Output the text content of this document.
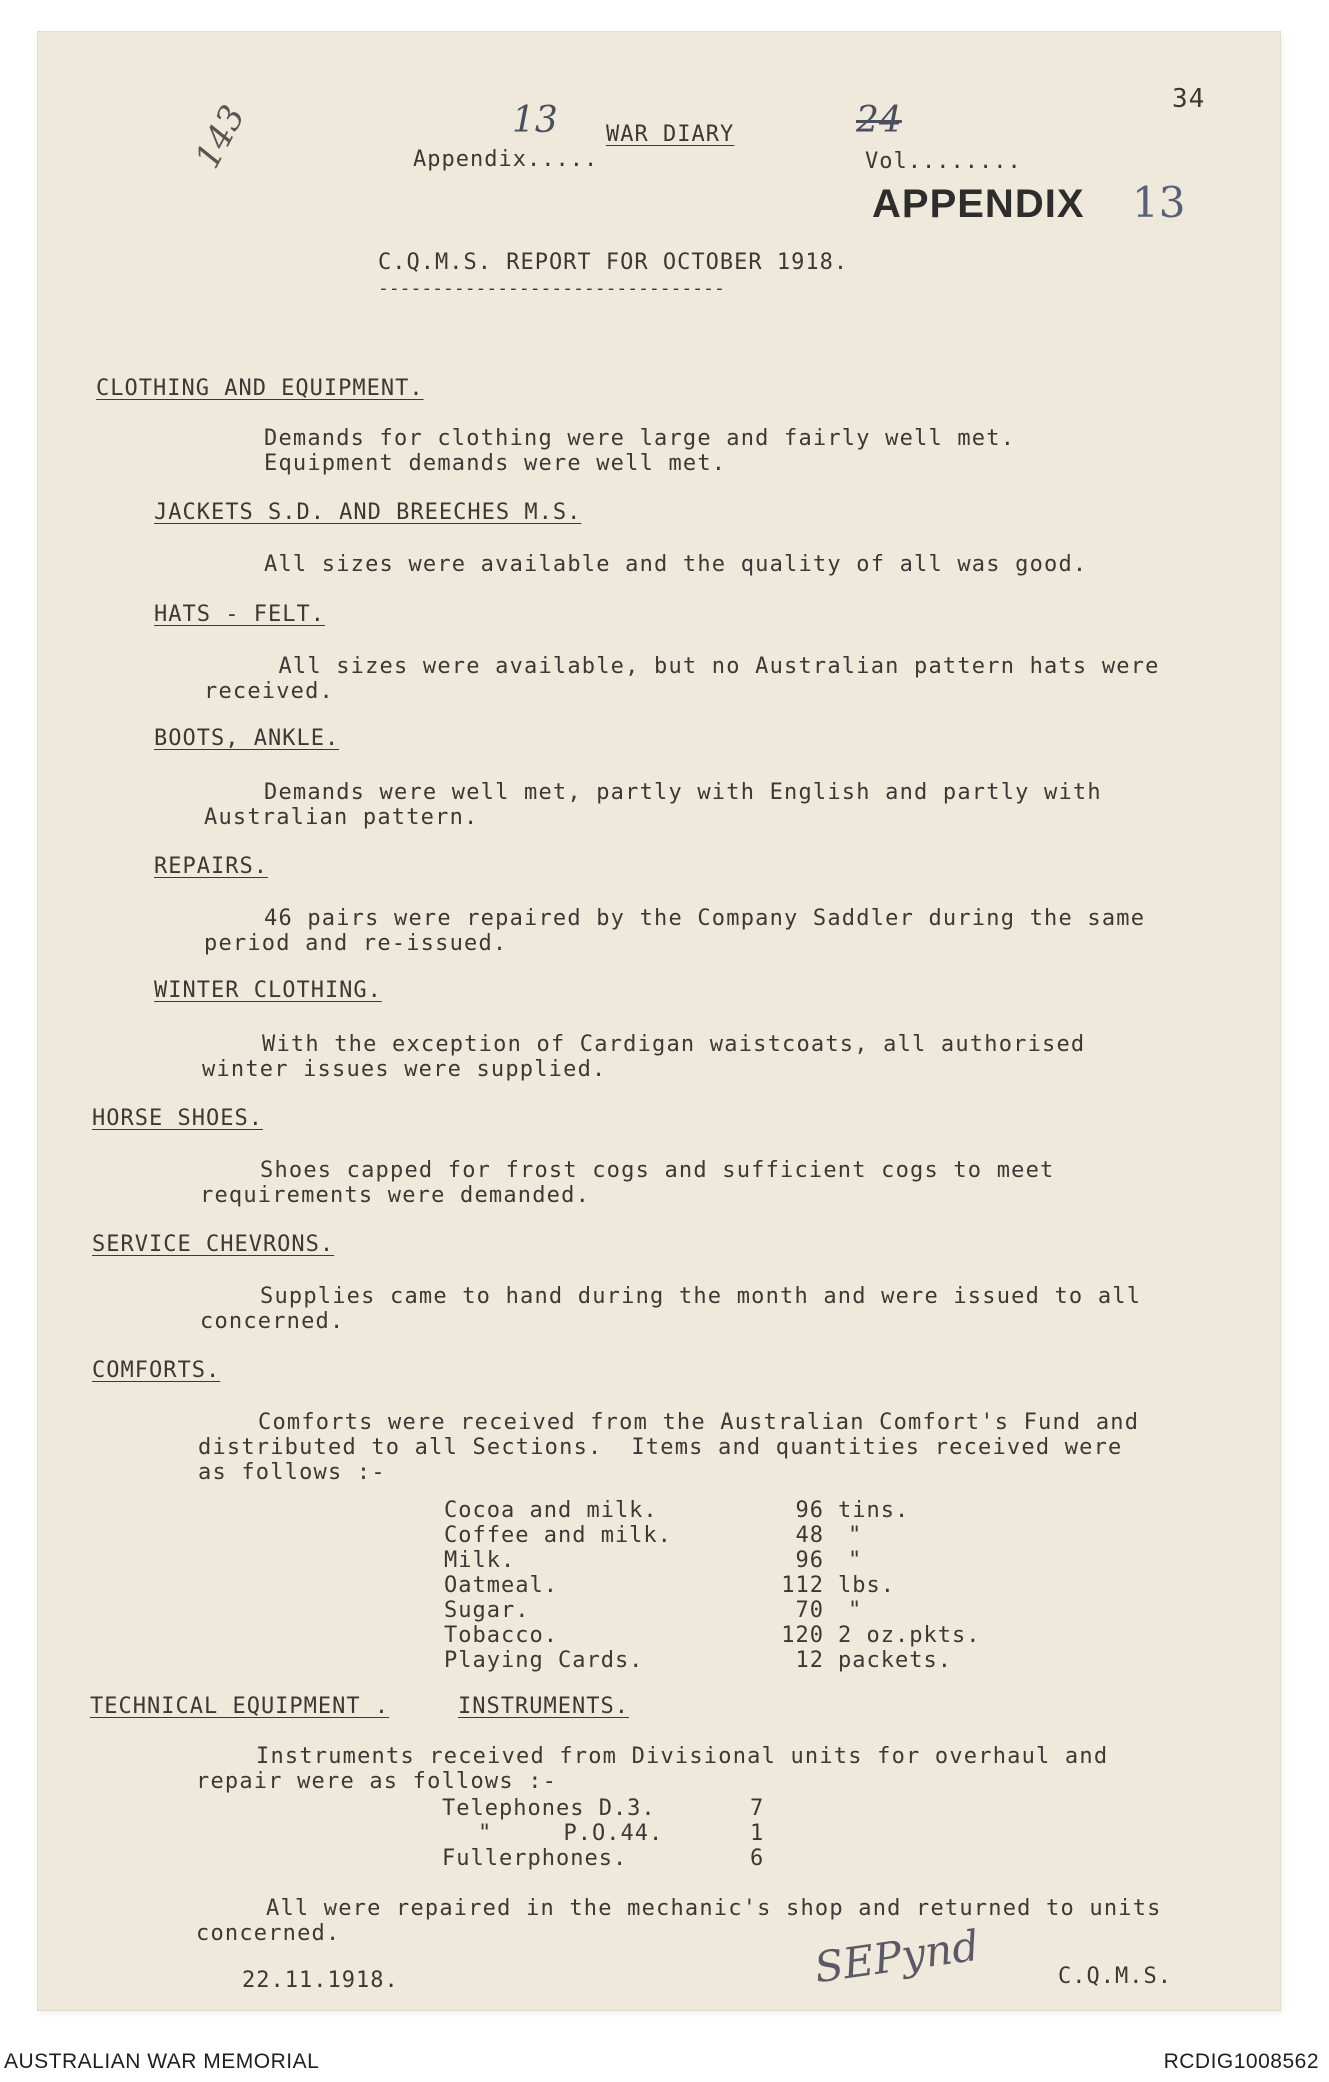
143	Appendix.....

13 WAR DIARY

Vol........

24
34
APPENDIX 13
C.Q.M.S. REPORT FOR OCTOBER 1918.
--------------------------------
CLOTHING AND EQUIPMENT.
Demands for clothing were large and fairly well met.
Equipment demands were well met.
JACKETS S.D. AND BREECHES M.S.
All sizes were available and the quality of all was good.
HATS - FELT.
All sizes were available, but no Australian pattern hats were
received.
BOOTS, ANKLE.
Demands were well met, partly with English and partly with
Australian pattern.
REPAIRS.
46 pairs were repaired by the Company Saddler during the same
period and re-issued.
WINTER CLOTHING.
With the exception of Cardigan waistcoats, all authorised
winter issues were supplied.
HORSE SHOES.
Shoes capped for frost cogs and sufficient cogs to meet
requirements were demanded.
SERVICE CHEVRONS.
Supplies came to hand during the month and were issued to all
concerned.
COMFORTS.
Comforts were received from the Australian Comfort's Fund and
distributed to all Sections.  Items and quantities received were
as follows :-
Cocoa and milk.	96 tins.
Coffee and milk.	48 "
Milk.	96 "
Oatmeal.	112 lbs.
Sugar.	70 "
Tobacco.	120 2 oz.pkts.
Playing Cards.	12 packets.
TECHNICAL EQUIPMENT .	INSTRUMENTS.
Instruments received from Divisional units for overhaul and
repair were as follows :-
Telephones D.3.	7
"     P.O.44.	1
Fullerphones.	6
All were repaired in the mechanic's shop and returned to units
concerned.
22.11.1918.	SEPynd	C.Q.M.S.
AUSTRALIAN WAR MEMORIAL	RCDIG1008562
